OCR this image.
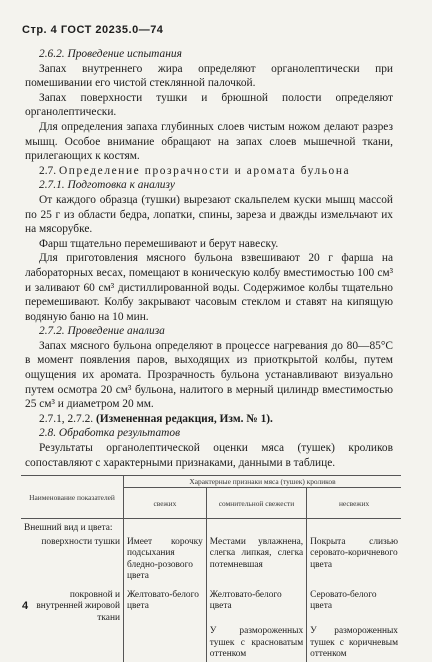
Стр. 4 ГОСТ 20235.0—74

2.6.2. Проведение испытания

Запах внутреннего жира определяют органолептически при помешивании его чистой стеклянной палочкой.

Запах поверхности тушки и брюшной полости определяют органолептически.

Для определения запаха глубинных слоев чистым ножом делают разрез мышц. Особое внимание обращают на запах слоев мышечной ткани, прилегающих к костям.

2.7. Определение прозрачности и аромата бульона

2.7.1. Подготовка к анализу

От каждого образца (тушки) вырезают скальпелем куски мышц массой по 25 г из области бедра, лопатки, спины, зареза и дважды измельчают их на мясорубке.

Фарш тщательно перемешивают и берут навеску.

Для приготовления мясного бульона взвешивают 20 г фарша на лабораторных весах, помещают в коническую колбу вместимостью 100 см³ и заливают 60 см³ дистиллированной воды. Содержимое колбы тщательно перемешивают. Колбу закрывают часовым стеклом и ставят на кипящую водяную баню на 10 мин.

2.7.2. Проведение анализа

Запах мясного бульона определяют в процессе нагревания до 80—85°С в момент появления паров, выходящих из приоткрытой колбы, путем ощущения их аромата. Прозрачность бульона устанавливают визуально путем осмотра 20 см³ бульона, налитого в мерный цилиндр вместимостью 25 см³ и диаметром 20 мм.

2.7.1, 2.7.2. (Измененная редакция, Изм. № 1).

2.8. Обработка результатов

Результаты органолептической оценки мяса (тушек) кроликов сопоставляют с характерными признаками, данными в таблице.

Наименование показателей	Характерные признаки мяса (тушек) кроликов		
	свежих	сомнительной свежести	несвежих
Внешний вид и цвета:			
поверхности тушки	Имеет корочку подсыхания бледно-розового цвета	Местами увлажнена, слегка липкая, слегка потемневшая	Покрыта слизью серовато-коричневого цвета
покровной и внутренней жировой ткани	Желтовато-белого цвета	Желтовато-белого цвета	Серовато-белого цвета
		У размороженных тушек с красноватым оттенком	У размороженных тушек с коричневым оттенком
4
